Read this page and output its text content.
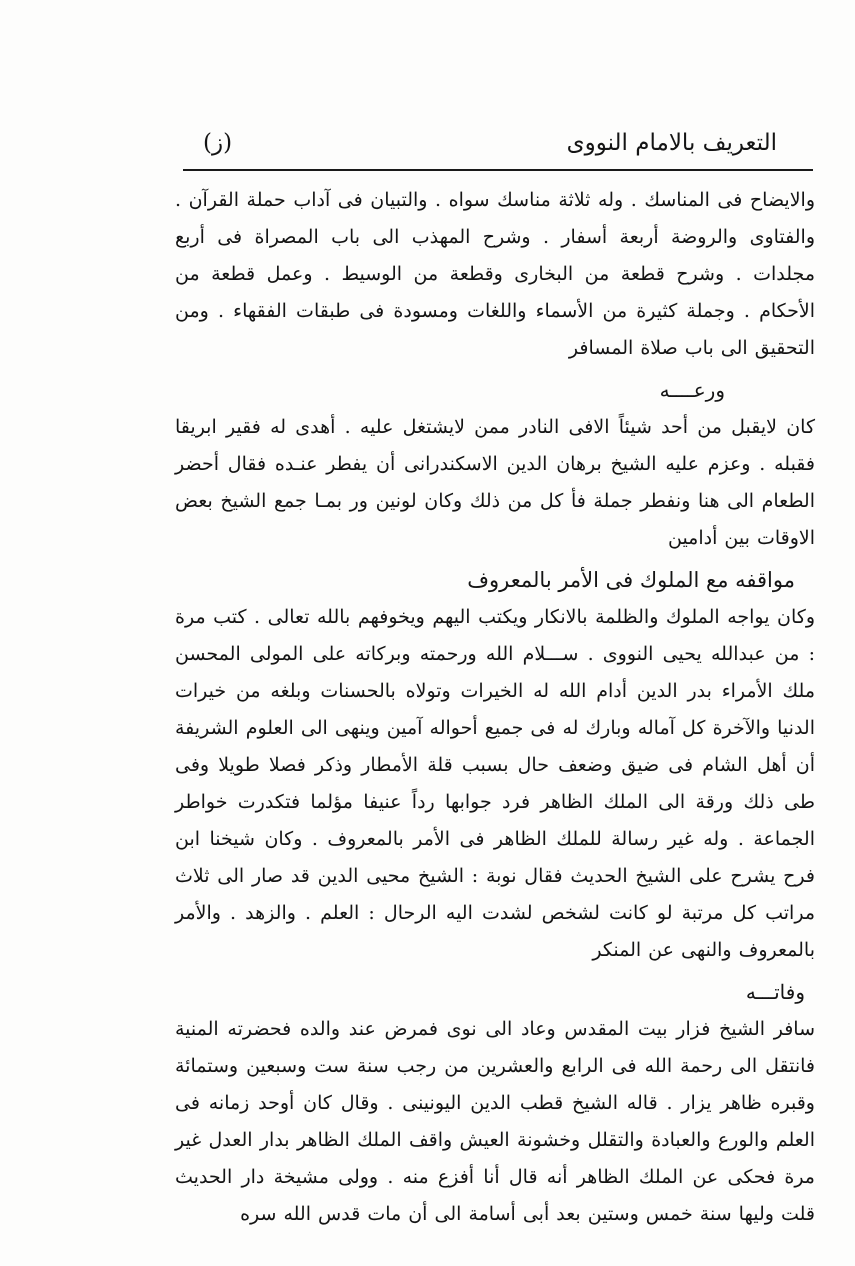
التعريف بالامام النووى
(ز)

والايضاح فى المناسك . وله ثلاثة مناسك سواه . والتبيان فى آداب حملة القرآن . والفتاوى والروضة أربعة أسفار . وشرح المهذب الى باب المصراة فى أربع مجلدات . وشرح قطعة من البخارى وقطعة من الوسيط . وعمل قطعة من الأحكام . وجملة كثيرة من الأسماء واللغات ومسودة فى طبقات الفقهاء . ومن التحقيق الى باب صلاة المسافر

ورعــــه

كان لايقبل من أحد شيئاً الافى النادر ممن لايشتغل عليه . أهدى له فقير ابريقا فقبله . وعزم عليه الشيخ برهان الدين الاسكندرانى أن يفطر عنـده فقال أحضر الطعام الى هنا ونفطر جملة فأ كل من ذلك وكان لونين ور بمـا جمع الشيخ بعض الاوقات بين أدامين

مواقفه مع الملوك فى الأمر بالمعروف

وكان يواجه الملوك والظلمة بالانكار ويكتب اليهم ويخوفهم بالله تعالى . كتب مرة : من عبدالله يحيى النووى . ســـلام الله ورحمته وبركاته على المولى المحسن ملك الأمراء بدر الدين أدام الله له الخيرات وتولاه بالحسنات وبلغه من خيرات الدنيا والآخرة كل آماله وبارك له فى جميع أحواله آمين وينهى الى العلوم الشريفة أن أهل الشام فى ضيق وضعف حال بسبب قلة الأمطار وذكر فصلا طويلا وفى طى ذلك ورقة الى الملك الظاهر فرد جوابها رداً عنيفا مؤلما فتكدرت خواطر الجماعة . وله غير رسالة للملك الظاهر فى الأمر بالمعروف . وكان شيخنا ابن فرح يشرح على الشيخ الحديث فقال نوبة : الشيخ محيى الدين قد صار الى ثلاث مراتب كل مرتبة لو كانت لشخص لشدت اليه الرحال : العلم . والزهد . والأمر بالمعروف والنهى عن المنكر

وفاتـــه

سافر الشيخ فزار بيت المقدس وعاد الى نوى فمرض عند والده فحضرته المنية فانتقل الى رحمة الله فى الرابع والعشرين من رجب سنة ست وسبعين وستمائة وقبره ظاهر يزار . قاله الشيخ قطب الدين اليونينى . وقال كان أوحد زمانه فى العلم والورع والعبادة والتقلل وخشونة العيش واقف الملك الظاهر بدار العدل غير مرة فحكى عن الملك الظاهر أنه قال أنا أفزع منه . وولى مشيخة دار الحديث قلت وليها سنة خمس وستين بعد أبى أسامة الى أن مات قدس الله سره
